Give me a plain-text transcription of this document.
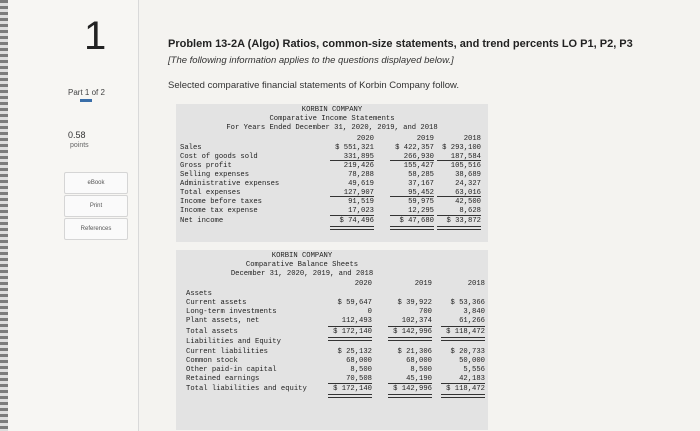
1
Part 1 of 2
0.58
points
eBook
Print
References
Problem 13-2A (Algo) Ratios, common-size statements, and trend percents LO P1, P2, P3
[The following information applies to the questions displayed below.]
Selected comparative financial statements of Korbin Company follow.
KORBIN COMPANY
Comparative Income Statements
For Years Ended December 31, 2020, 2019, and 2018
2020	2019	2018
Sales	$ 551,321	$ 422,357	$ 293,100
Cost of goods sold	331,895	266,930	187,584
Gross profit	219,426	155,427	105,516
Selling expenses	78,288	58,285	38,689
Administrative expenses	49,619	37,167	24,327
Total expenses	127,907	95,452	63,016
Income before taxes	91,519	59,975	42,500
Income tax expense	17,023	12,295	8,628
Net income	$ 74,496	$ 47,680	$ 33,872
KORBIN COMPANY
Comparative Balance Sheets
December 31, 2020, 2019, and 2018
2020	2019	2018
Assets
Current assets	$ 59,647	$ 39,922	$ 53,366
Long-term investments	0	700	3,840
Plant assets, net	112,493	102,374	61,266
Total assets	$ 172,140	$ 142,996	$ 118,472
Liabilities and Equity
Current liabilities	$ 25,132	$ 21,306	$ 20,733
Common stock	68,000	68,000	50,000
Other paid-in capital	8,500	8,500	5,556
Retained earnings	70,508	45,190	42,183
Total liabilities and equity	$ 172,140	$ 142,996	$ 118,472
